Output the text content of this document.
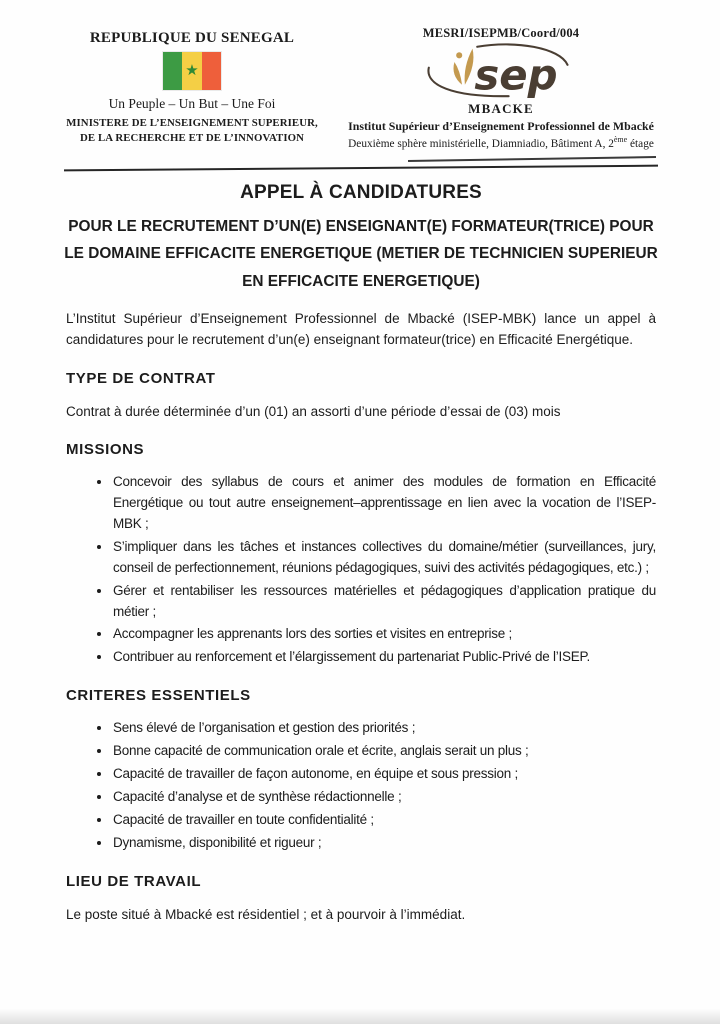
REPUBLIQUE DU SENEGAL
★
Un Peuple – Un But – Une Foi
MINISTERE DE L’ENSEIGNEMENT SUPERIEUR,
DE LA RECHERCHE ET DE L’INNOVATION
MESRI/ISEPMB/Coord/004
sep
MBACKE
Institut Supérieur d’Enseignement Professionnel de Mbacké
Deuxième sphère ministérielle, Diamniadio, Bâtiment A, 2ème étage
APPEL À CANDIDATURES
POUR LE RECRUTEMENT D’UN(E) ENSEIGNANT(E) FORMATEUR(TRICE) POUR LE DOMAINE EFFICACITE ENERGETIQUE (METIER DE TECHNICIEN SUPERIEUR EN EFFICACITE ENERGETIQUE)

L’Institut Supérieur d’Enseignement Professionnel de Mbacké (ISEP-MBK) lance un appel à candidatures pour le recrutement d’un(e) enseignant formateur(trice) en Efficacité Energétique.

TYPE DE CONTRAT

Contrat à durée déterminée d’un (01) an assorti d’une période d’essai de (03) mois

MISSIONS
• Concevoir des syllabus de cours et animer des modules de formation en Efficacité Energétique ou tout autre enseignement–apprentissage en lien avec la vocation de l’ISEP-MBK ;
• S’impliquer dans les tâches et instances collectives du domaine/métier (surveillances, jury, conseil de perfectionnement, réunions pédagogiques, suivi des activités pédagogiques, etc.) ;
• Gérer et rentabiliser les ressources matérielles et pédagogiques d’application pratique du métier ;
• Accompagner les apprenants lors des sorties et visites en entreprise ;
• Contribuer au renforcement et l’élargissement du partenariat Public-Privé de l’ISEP.
CRITERES ESSENTIELS
• Sens élevé de l’organisation et gestion des priorités ;
• Bonne capacité de communication orale et écrite, anglais serait un plus ;
• Capacité de travailler de façon autonome, en équipe et sous pression ;
• Capacité d’analyse et de synthèse rédactionnelle ;
• Capacité de travailler en toute confidentialité ;
• Dynamisme, disponibilité et rigueur ;
LIEU DE TRAVAIL

Le poste situé à Mbacké est résidentiel ; et à pourvoir à l’immédiat.
